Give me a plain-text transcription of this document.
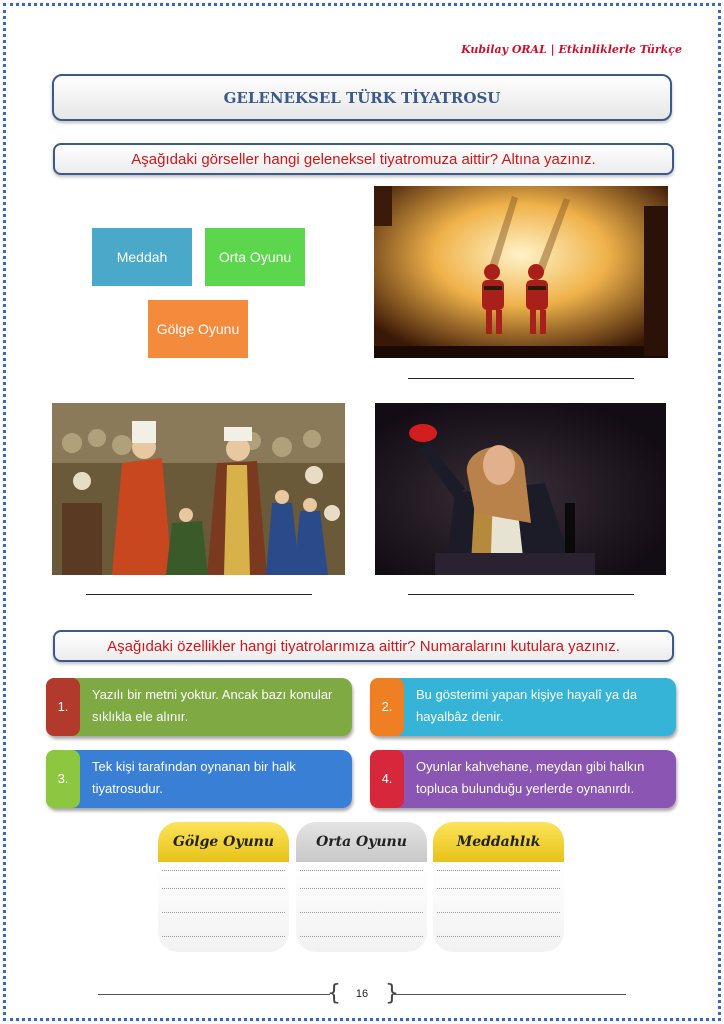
Kubilay ORAL | Etkinliklerle Türkçe
GELENEKSEL TÜRK TİYATROSU
Aşağıdaki görseller hangi geleneksel tiyatromuza aittir? Altına yazınız.
Meddah	Orta Oyunu
Gölge Oyunu
Aşağıdaki özellikler hangi tiyatrolarımıza aittir? Numaralarını kutulara yazınız.
1.
Yazılı bir metni yoktur. Ancak bazı konular sıklıkla ele alınır.
2.
Bu gösterimi yapan kişiye hayalî ya da hayalbâz denir.
3.
Tek kişi tarafından oynanan bir halk tiyatrosudur.
4.
Oyunlar kahvehane, meydan gibi halkın topluca bulunduğu yerlerde oynanırdı.
Gölge Oyunu	Orta Oyunu	Meddahlık
{ }
16
